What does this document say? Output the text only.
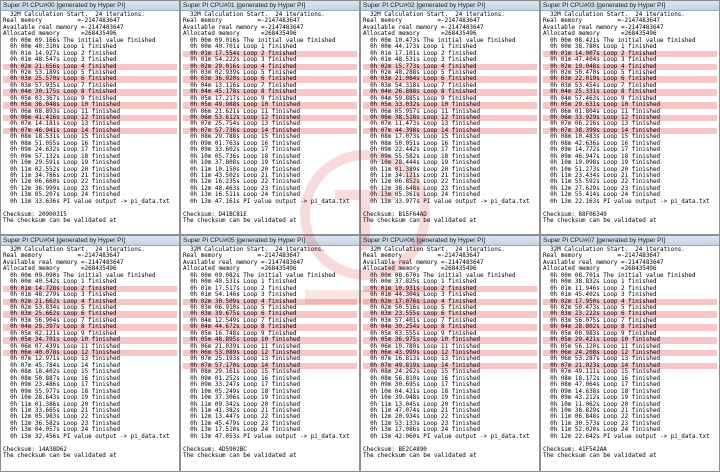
Super PI CPU#00 [generated by Hyper PI]
32M Calculation Start.  24 iterations.
Real memory          =-2147483647
Available real memory =-2147483647
Allocated memory      =268435496
0h 00m 09.166s The initial value finished
0h 00m 40.310s Loop 1 finished
0h 01m 14.927s Loop 2 finished
0h 01m 48.547s Loop 3 finished
0h 02m 21.656s Loop 4 finished
0h 02m 53.189s Loop 5 finished
0h 03m 25.570s Loop 6 finished
0h 03m 57.935s Loop 7 finished
0h 04m 30.175s Loop 8 finished
0h 05m 03.367s Loop 9 finished
0h 05m 36.048s Loop 10 finished
0h 06m 08.893s Loop 11 finished
0h 06m 41.416s Loop 12 finished
0h 07m 14.181s Loop 13 finished
0h 07m 46.941s Loop 14 finished
0h 08m 18.531s Loop 15 finished
0h 08m 51.055s Loop 16 finished
0h 09m 24.632s Loop 17 finished
0h 09m 57.132s Loop 18 finished
0h 10m 29.591s Loop 19 finished
0h 11m 02.552s Loop 20 finished
0h 11m 34.786s Loop 21 finished
0h 12m 06.660s Loop 22 finished
0h 12m 36.999s Loop 23 finished
0h 13m 05.207s Loop 24 finished
0h 13m 33.636s PI value output -> pi_data.txt
Checksum: 20900315
The checksum can be validated at
Super PI CPU#01 [generated by Hyper PI]
32M Calculation Start.  24 iterations.
Real memory          =-2147483647
Available real memory =-2147483647
Allocated memory      =268435496
0h 00m 09.016s The initial value finished
0h 00m 40.701s Loop 1 finished
0h 01m 17.554s Loop 2 finished
0h 01m 54.222s Loop 3 finished
0h 02m 29.016s Loop 4 finished
0h 03m 02.939s Loop 5 finished
0h 03m 36.920s Loop 6 finished
0h 04m 13.116s Loop 7 finished
0h 04m 45.178s Loop 8 finished
0h 05m 17.217s Loop 9 finished
0h 05m 49.988s Loop 10 finished
0h 06m 21.621s Loop 11 finished
0h 06m 53.612s Loop 12 finished
0h 07m 25.754s Loop 13 finished
0h 07m 57.736s Loop 14 finished
0h 08m 29.788s Loop 15 finished
0h 09m 01.763s Loop 16 finished
0h 09m 33.602s Loop 17 finished
0h 10m 05.736s Loop 18 finished
0h 10m 37.808s Loop 19 finished
0h 11m 10.150s Loop 20 finished
0h 11m 43.502s Loop 21 finished
0h 12m 16.235s Loop 22 finished
0h 12m 48.463s Loop 23 finished
0h 13m 16.511s Loop 24 finished
0h 13m 47.161s PI value output -> pi_data.txt
Checksum: D41BC81E
The checksum can be validated at
Super PI CPU#02 [generated by Hyper PI]
32M Calculation Start.  24 iterations.
Real memory          =-2147483647
Available real memory =-2147483647
Allocated memory      =268435496
0h 00m 10.473s The initial value finished
0h 00m 44.173s Loop 1 finished
0h 01m 17.101s Loop 2 finished
0h 01m 48.531s Loop 3 finished
0h 02m 15.773s Loop 4 finished
0h 02m 48.288s Loop 5 finished
0h 03m 21.084s Loop 6 finished
0h 03m 54.318s Loop 7 finished
0h 04m 26.888s Loop 8 finished
0h 04m 59.885s Loop 9 finished
0h 05m 33.032s Loop 10 finished
0h 06m 05.957s Loop 11 finished
0h 06m 38.518s Loop 12 finished
0h 07m 11.473s Loop 13 finished
0h 07m 44.398s Loop 14 finished
0h 08m 17.073s Loop 15 finished
0h 08m 50.051s Loop 16 finished
0h 09m 22.442s Loop 17 finished
0h 09m 55.582s Loop 18 finished
0h 10m 28.444s Loop 19 finished
0h 11m 01.389s Loop 20 finished
0h 11m 34.121s Loop 21 finished
0h 12m 06.852s Loop 22 finished
0h 12m 38.648s Loop 23 finished
0h 13m 05.361s Loop 24 finished
0h 13m 33.977s PI value output -> pi_data.txt
Checksum: B15F64AD
The checksum can be validated at
Super PI CPU#03 [generated by Hyper PI]
32M Calculation Start.  24 iterations.
Real memory          =-2147483647
Available real memory =-2147483647
Allocated memory      =268435496
0h 00m 08.421s The initial value finished
0h 00m 38.780s Loop 1 finished
0h 01m 14.007s Loop 2 finished
0h 01m 47.404s Loop 3 finished
0h 02m 19.048s Loop 4 finished
0h 02m 50.470s Loop 5 finished
0h 03m 22.019s Loop 6 finished
0h 03m 53.454s Loop 7 finished
0h 04m 25.331s Loop 8 finished
0h 04m 57.463s Loop 9 finished
0h 05m 29.631s Loop 10 finished
0h 06m 01.804s Loop 11 finished
0h 06m 33.929s Loop 12 finished
0h 07m 06.216s Loop 13 finished
0h 07m 38.399s Loop 14 finished
0h 08m 10.483s Loop 15 finished
0h 08m 42.636s Loop 16 finished
0h 09m 14.772s Loop 17 finished
0h 09m 46.947s Loop 18 finished
0h 10m 19.098s Loop 19 finished
0h 10m 51.273s Loop 20 finished
0h 11m 23.434s Loop 21 finished
0h 11m 55.592s Loop 22 finished
0h 12m 27.629s Loop 23 finished
0h 12m 55.414s Loop 24 finished
0h 13m 22.163s PI value output -> pi_data.txt
Checksum: 88F06349
The checksum can be validated at
Super PI CPU#04 [generated by Hyper PI]
32M Calculation Start.  24 iterations.
Real memory          =-2147483647
Available real memory =-2147483647
Allocated memory      =268435496
0h 00m 09.090s The initial value finished
0h 00m 40.542s Loop 1 finished
0h 01m 14.728s Loop 2 finished
0h 01m 48.279s Loop 3 finished
0h 02m 21.662s Loop 4 finished
0h 02m 53.834s Loop 5 finished
0h 03m 25.662s Loop 6 finished
0h 03m 56.904s Loop 7 finished
0h 04m 29.397s Loop 8 finished
0h 05m 02.121s Loop 9 finished
0h 05m 34.701s Loop 10 finished
0h 06m 07.439s Loop 11 finished
0h 06m 40.078s Loop 12 finished
0h 07m 12.971s Loop 13 finished
0h 07m 45.784s Loop 14 finished
0h 08m 18.402s Loop 15 finished
0h 08m 50.887s Loop 16 finished
0h 09m 23.486s Loop 17 finished
0h 09m 55.977s Loop 18 finished
0h 10m 28.643s Loop 19 finished
0h 11m 01.386s Loop 20 finished
0h 11m 33.665s Loop 21 finished
0h 12m 05.983s Loop 22 finished
0h 12m 36.582s Loop 23 finished
0h 13m 04.057s Loop 24 finished
0h 13m 32.456s PI value output -> pi_data.txt
Checksum: 14A38D62
The checksum can be validated at
Super PI CPU#05 [generated by Hyper PI]
32M Calculation Start.  24 iterations.
Real memory          =-2147483647
Available real memory =-2147483647
Allocated memory      =268435496
0h 00m 09.082s The initial value finished
0h 00m 40.531s Loop 1 finished
0h 01m 17.517s Loop 2 finished
0h 01m 54.146s Loop 3 finished
0h 02m 30.509s Loop 4 finished
0h 03m 06.910s Loop 5 finished
0h 03m 39.675s Loop 6 finished
0h 04m 12.549s Loop 7 finished
0h 04m 44.672s Loop 8 finished
0h 05m 16.748s Loop 9 finished
0h 05m 48.895s Loop 10 finished
0h 06m 21.039s Loop 11 finished
0h 06m 53.089s Loop 12 finished
0h 07m 25.193s Loop 13 finished
0h 07m 57.170s Loop 14 finished
0h 08m 29.161s Loop 15 finished
0h 09m 01.252s Loop 16 finished
0h 09m 33.247s Loop 17 finished
0h 10m 05.249s Loop 18 finished
0h 10m 37.306s Loop 19 finished
0h 11m 09.342s Loop 20 finished
0h 11m 41.382s Loop 21 finished
0h 12m 13.447s Loop 22 finished
0h 12m 45.479s Loop 23 finished
0h 13m 17.510s Loop 24 finished
0h 13m 47.053s PI value output -> pi_data.txt
Checksum: 4D5902BC
The checksum can be validated at
Super PI CPU#06 [generated by Hyper PI]
32M Calculation Start.  24 iterations.
Real memory          =-2147483647
Available real memory =-2147483647
Allocated memory      =268435496
0h 00m 08.670s The initial value finished
0h 00m 37.825s Loop 1 finished
0h 01m 10.931s Loop 2 finished
0h 01m 44.304s Loop 3 finished
0h 02m 17.076s Loop 4 finished
0h 02m 50.516s Loop 5 finished
0h 03m 23.555s Loop 6 finished
0h 03m 57.401s Loop 7 finished
0h 04m 30.254s Loop 8 finished
0h 05m 03.555s Loop 9 finished
0h 05m 36.975s Loop 10 finished
0h 06m 10.780s Loop 11 finished
0h 06m 43.999s Loop 12 finished
0h 07m 16.813s Loop 13 finished
0h 07m 49.819s Loop 14 finished
0h 08m 24.262s Loop 15 finished
0h 08m 56.810s Loop 16 finished
0h 09m 30.695s Loop 17 finished
0h 10m 04.421s Loop 18 finished
0h 10m 39.948s Loop 19 finished
0h 11m 13.045s Loop 20 finished
0h 11m 47.074s Loop 21 finished
0h 12m 20.934s Loop 22 finished
0h 12m 53.133s Loop 23 finished
0h 13m 17.086s Loop 24 finished
0h 13m 42.060s PI value output -> pi_data.txt
Checksum: BE2C4890
The checksum can be validated at
Super PI CPU#07 [generated by Hyper PI]
32M Calculation Start.  24 iterations.
Real memory          =-2147483647
Available real memory =-2147483647
Allocated memory      =268435496
0h 00m 08.701s The initial value finished
0h 00m 38.832s Loop 1 finished
0h 01m 11.946s Loop 2 finished
0h 01m 45.402s Loop 3 finished
0h 02m 17.950s Loop 4 finished
0h 02m 50.473s Loop 5 finished
0h 03m 23.222s Loop 6 finished
0h 03m 56.075s Loop 7 finished
0h 04m 28.802s Loop 8 finished
0h 05m 00.983s Loop 9 finished
0h 05m 29.421s Loop 10 finished
0h 05m 56.120s Loop 11 finished
0h 06m 24.208s Loop 12 finished
0h 06m 53.287s Loop 13 finished
0h 07m 21.023s Loop 14 finished
0h 07m 49.111s Loop 15 finished
0h 08m 18.172s Loop 16 finished
0h 08m 47.064s Loop 17 finished
0h 09m 14.638s Loop 18 finished
0h 09m 43.212s Loop 19 finished
0h 10m 11.062s Loop 20 finished
0h 10m 38.829s Loop 21 finished
0h 11m 06.848s Loop 22 finished
0h 11m 30.573s Loop 23 finished
0h 11m 52.020s Loop 24 finished
0h 12m 22.642s PI value output -> pi_data.txt
Checksum: 41F542AA
The checksum can be validated at
